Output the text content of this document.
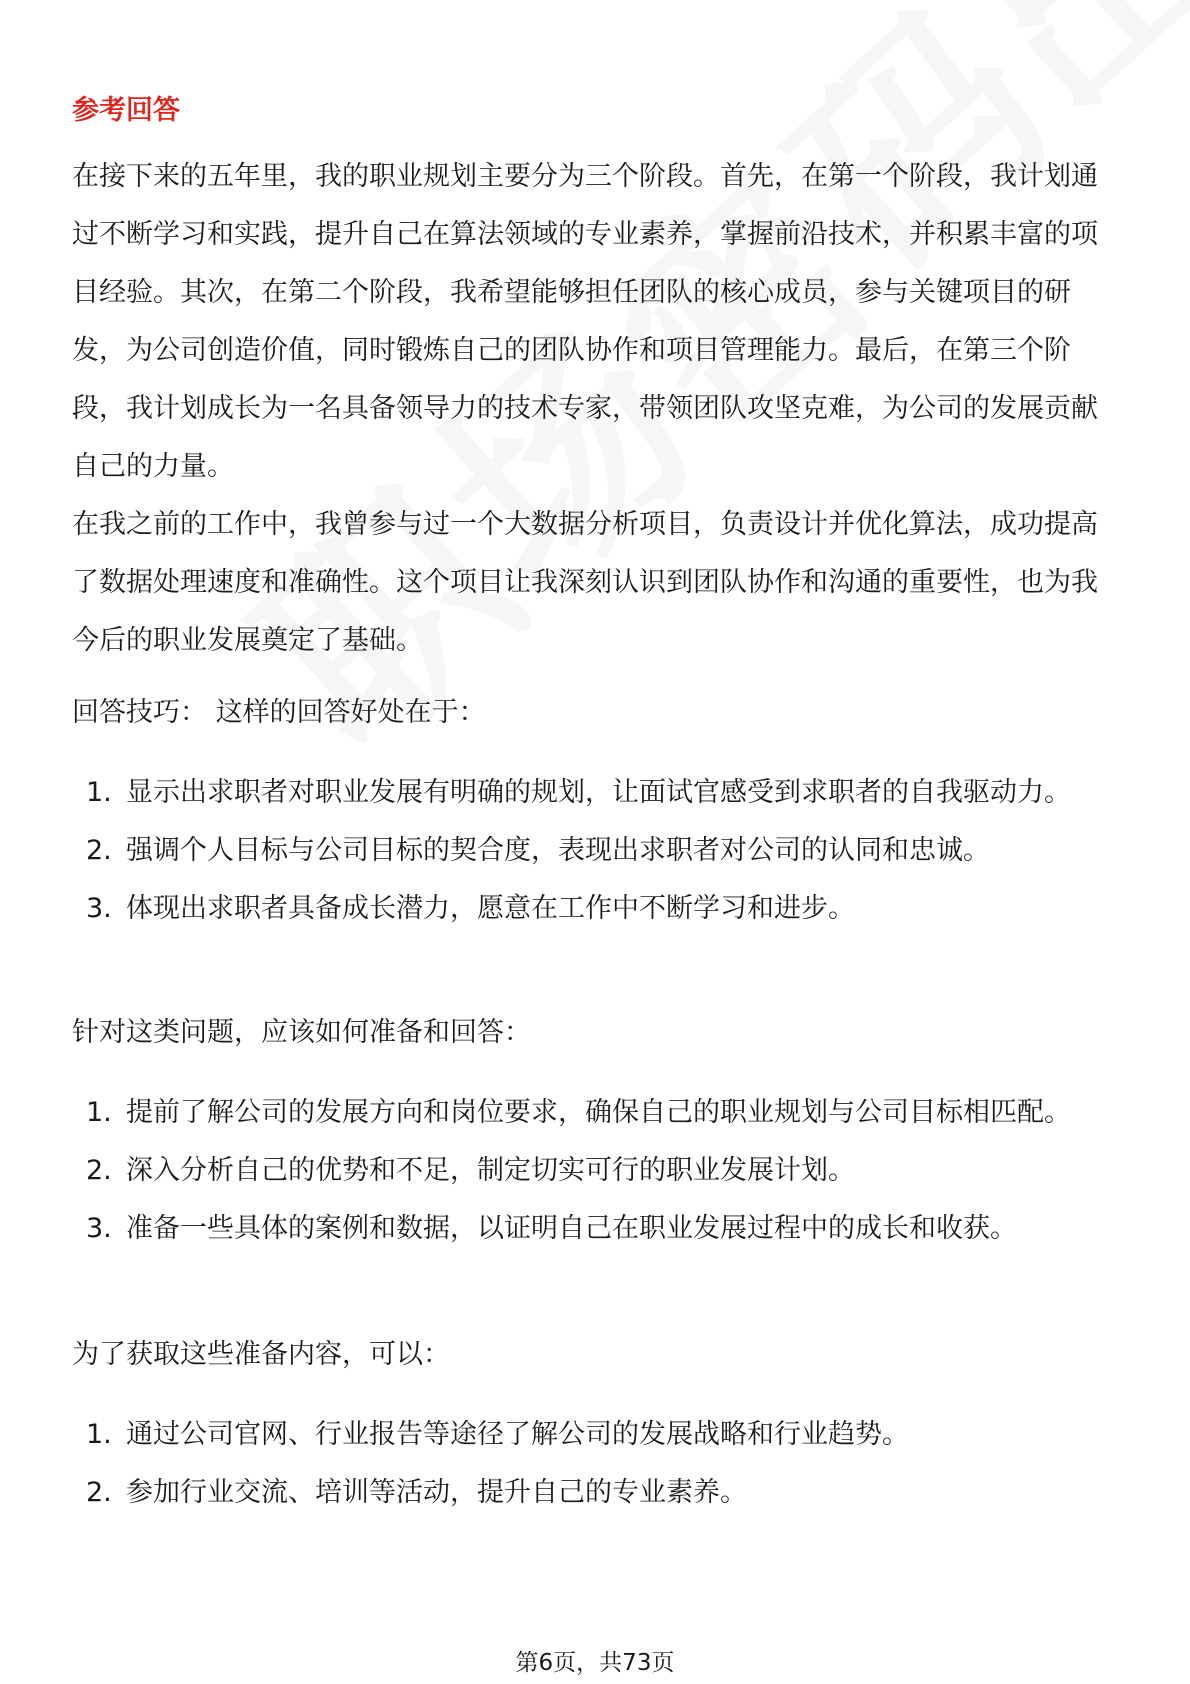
参考回答
在接下来的五年里，我的职业规划主要分为三个阶段。首先，在第一个阶段，我计划通过不断学习和实践，提升自己在算法领域的专业素养，掌握前沿技术，并积累丰富的项目经验。其次，在第二个阶段，我希望能够担任团队的核心成员，参与关键项目的研发，为公司创造价值，同时锻炼自己的团队协作和项目管理能力。最后，在第三个阶段，我计划成长为一名具备领导力的技术专家，带领团队攻坚克难，为公司的发展贡献自己的力量。
在我之前的工作中，我曾参与过一个大数据分析项目，负责设计并优化算法，成功提高了数据处理速度和准确性。这个项目让我深刻认识到团队协作和沟通的重要性，也为我今后的职业发展奠定了基础。
回答技巧： 这样的回答好处在于：
1. 显示出求职者对职业发展有明确的规划，让面试官感受到求职者的自我驱动力。
2. 强调个人目标与公司目标的契合度，表现出求职者对公司的认同和忠诚。
3. 体现出求职者具备成长潜力，愿意在工作中不断学习和进步。
针对这类问题，应该如何准备和回答：
1. 提前了解公司的发展方向和岗位要求，确保自己的职业规划与公司目标相匹配。
2. 深入分析自己的优势和不足，制定切实可行的职业发展计划。
3. 准备一些具体的案例和数据，以证明自己在职业发展过程中的成长和收获。
为了获取这些准备内容，可以：
1. 通过公司官网、行业报告等途径了解公司的发展战略和行业趋势。
2. 参加行业交流、培训等活动，提升自己的专业素养。
第6页，共73页
